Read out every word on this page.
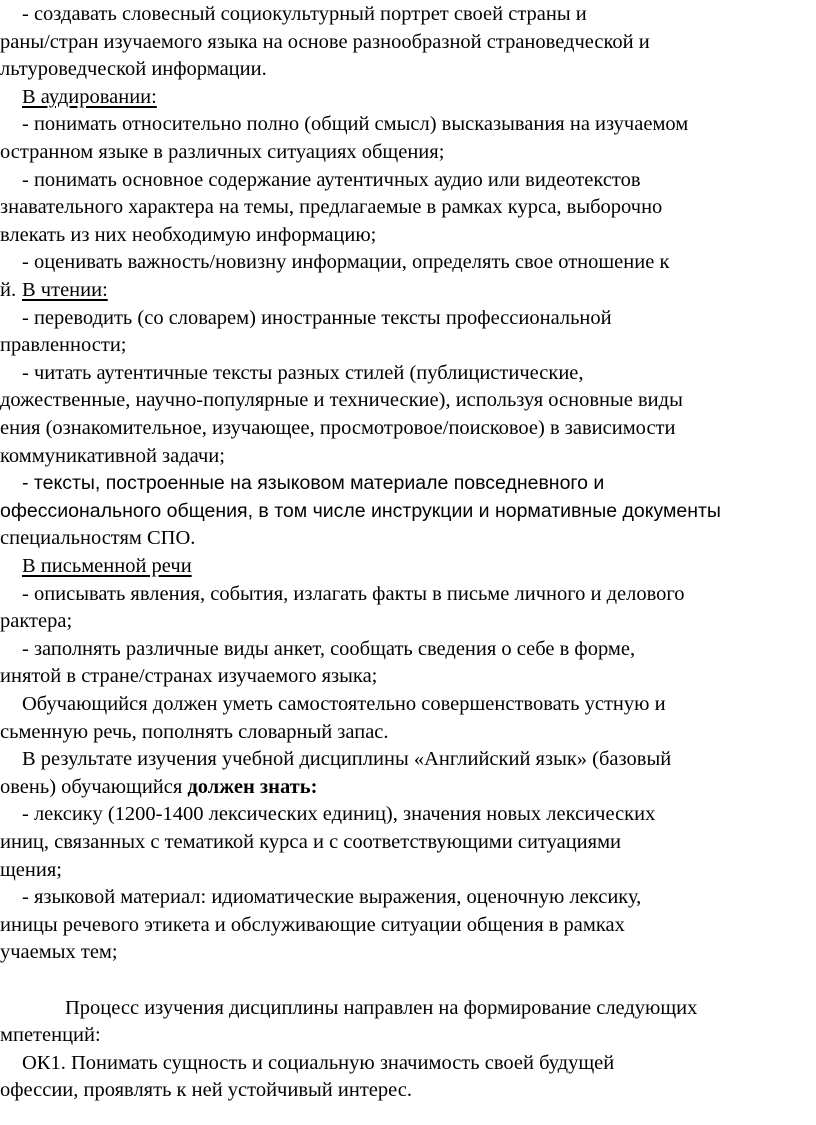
- создавать словесный социокультурный портрет своей страны и
раны/стран изучаемого языка на основе разнообразной страноведческой и
льтуроведческой информации.
В аудировании:
- понимать относительно полно (общий смысл) высказывания на изучаемом
остранном языке в различных ситуациях общения;
- понимать основное содержание аутентичных аудио или видеотекстов
знавательного характера на темы, предлагаемые в рамках курса, выборочно
влекать из них необходимую информацию;
- оценивать важность/новизну информации, определять свое отношение к
й. В чтении:
- переводить (со словарем) иностранные тексты профессиональной
правленности;
- читать аутентичные тексты разных стилей (публицистические,
дожественные, научно-популярные и технические), используя основные виды
ения (ознакомительное, изучающее, просмотровое/поисковое) в зависимости
коммуникативной задачи;
- тексты, построенные на языковом материале повседневного и
офессионального общения, в том числе инструкции и нормативные документы
специальностям СПО.
В письменной речи
- описывать явления, события, излагать факты в письме личного и делового
рактера;
- заполнять различные виды анкет, сообщать сведения о себе в форме,
инятой в стране/странах изучаемого языка;
Обучающийся должен уметь самостоятельно совершенствовать устную и
сьменную речь, пополнять словарный запас.
В результате изучения учебной дисциплины «Английский язык» (базовый
овень) обучающийся должен знать:
- лексику (1200-1400 лексических единиц), значения новых лексических
иниц, связанных с тематикой курса и с соответствующими ситуациями
щения;
- языковой материал: идиоматические выражения, оценочную лексику,
иницы речевого этикета и обслуживающие ситуации общения в рамках
учаемых тем;
Процесс изучения дисциплины направлен на формирование следующих
мпетенций:
ОК1. Понимать сущность и социальную значимость своей будущей
офессии, проявлять к ней устойчивый интерес.
